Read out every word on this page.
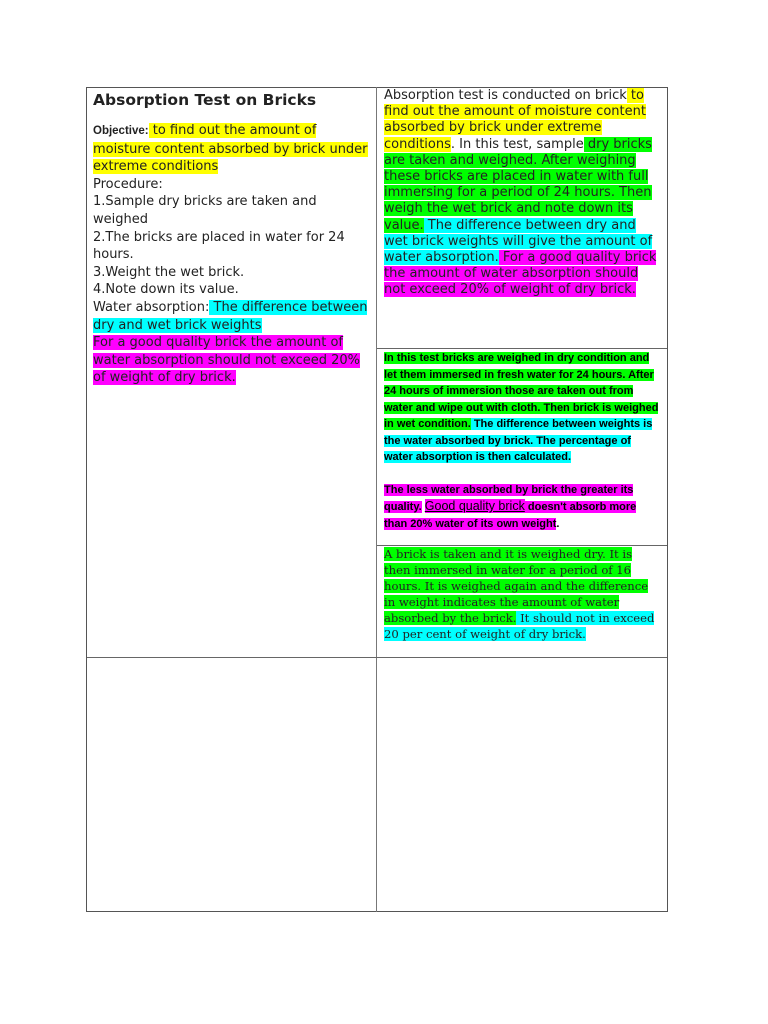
Absorption Test on Bricks

Objective: to find out the amount of moisture content absorbed by brick under extreme conditions

Procedure:

1.Sample dry bricks are taken and weighed

2.The bricks are placed in water for 24 hours.

3.Weight the wet brick.

4.Note down its value.

Water absorption: The difference between dry and wet brick weights

For a good quality brick the amount of water absorption should not exceed 20% of weight of dry brick.

Absorption test is conducted on brick to find out the amount of moisture content absorbed by brick under extreme conditions. In this test, sample dry bricks are taken and weighed. After weighing these bricks are placed in water with full immersing for a period of 24 hours. Then weigh the wet brick and note down its value. The difference between dry and wet brick weights will give the amount of water absorption. For a good quality brick the amount of water absorption should not exceed 20% of weight of dry brick.

In this test bricks are weighed in dry condition and let them immersed in fresh water for 24 hours. After 24 hours of immersion those are taken out from water and wipe out with cloth. Then brick is weighed in wet condition. The difference between weights is the water absorbed by brick. The percentage of water absorption is then calculated.

The less water absorbed by brick the greater its quality. Good quality brick doesn't absorb more than 20% water of its own weight.

A brick is taken and it is weighed dry. It is then immersed in water for a period of 16 hours. It is weighed again and the difference in weight indicates the amount of water absorbed by the brick. It should not in exceed 20 per cent of weight of dry brick.
